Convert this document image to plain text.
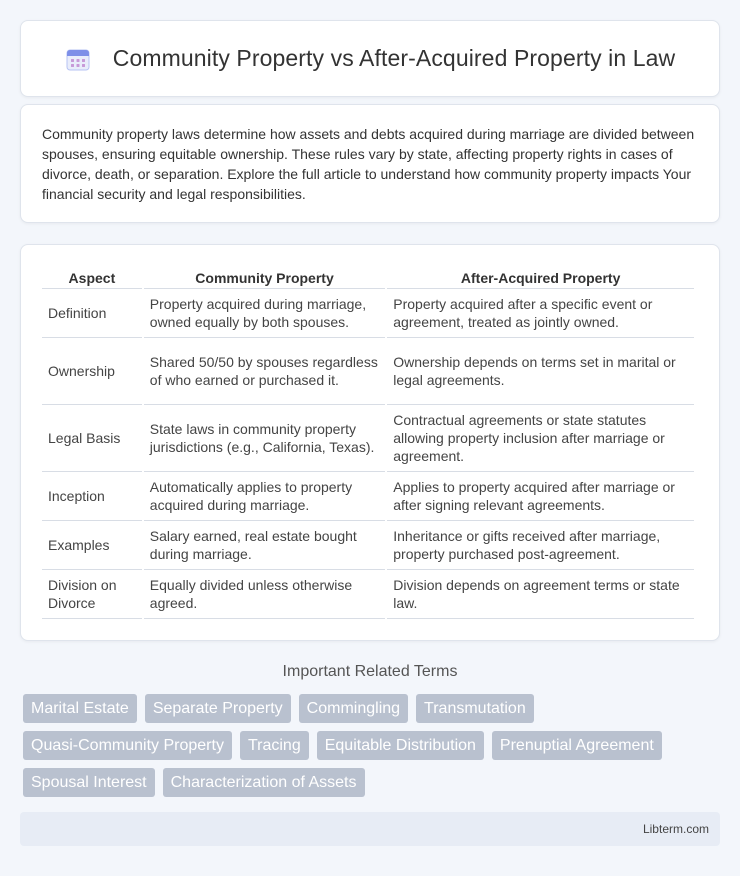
Community Property vs After-Acquired Property in Law

Community property laws determine how assets and debts acquired during marriage are divided between spouses, ensuring equitable ownership. These rules vary by state, affecting property rights in cases of divorce, death, or separation. Explore the full article to understand how community property impacts Your financial security and legal responsibilities.

Aspect	Community Property	After-Acquired Property
Definition	Property acquired during marriage, owned equally by both spouses.	Property acquired after a specific event or agreement, treated as jointly owned.
Ownership	Shared 50/50 by spouses regardless of who earned or purchased it.	Ownership depends on terms set in marital or legal agreements.
Legal Basis	State laws in community property jurisdictions (e.g., California, Texas).	Contractual agreements or state statutes allowing property inclusion after marriage or agreement.
Inception	Automatically applies to property acquired during marriage.	Applies to property acquired after marriage or after signing relevant agreements.
Examples	Salary earned, real estate bought during marriage.	Inheritance or gifts received after marriage, property purchased post-agreement.
Division on Divorce	Equally divided unless otherwise agreed.	Division depends on agreement terms or state law.
Important Related Terms
Marital Estate	Separate Property	Commingling	Transmutation
Quasi-Community Property	Tracing	Equitable Distribution	Prenuptial Agreement
Spousal Interest	Characterization of Assets
Libterm.com
